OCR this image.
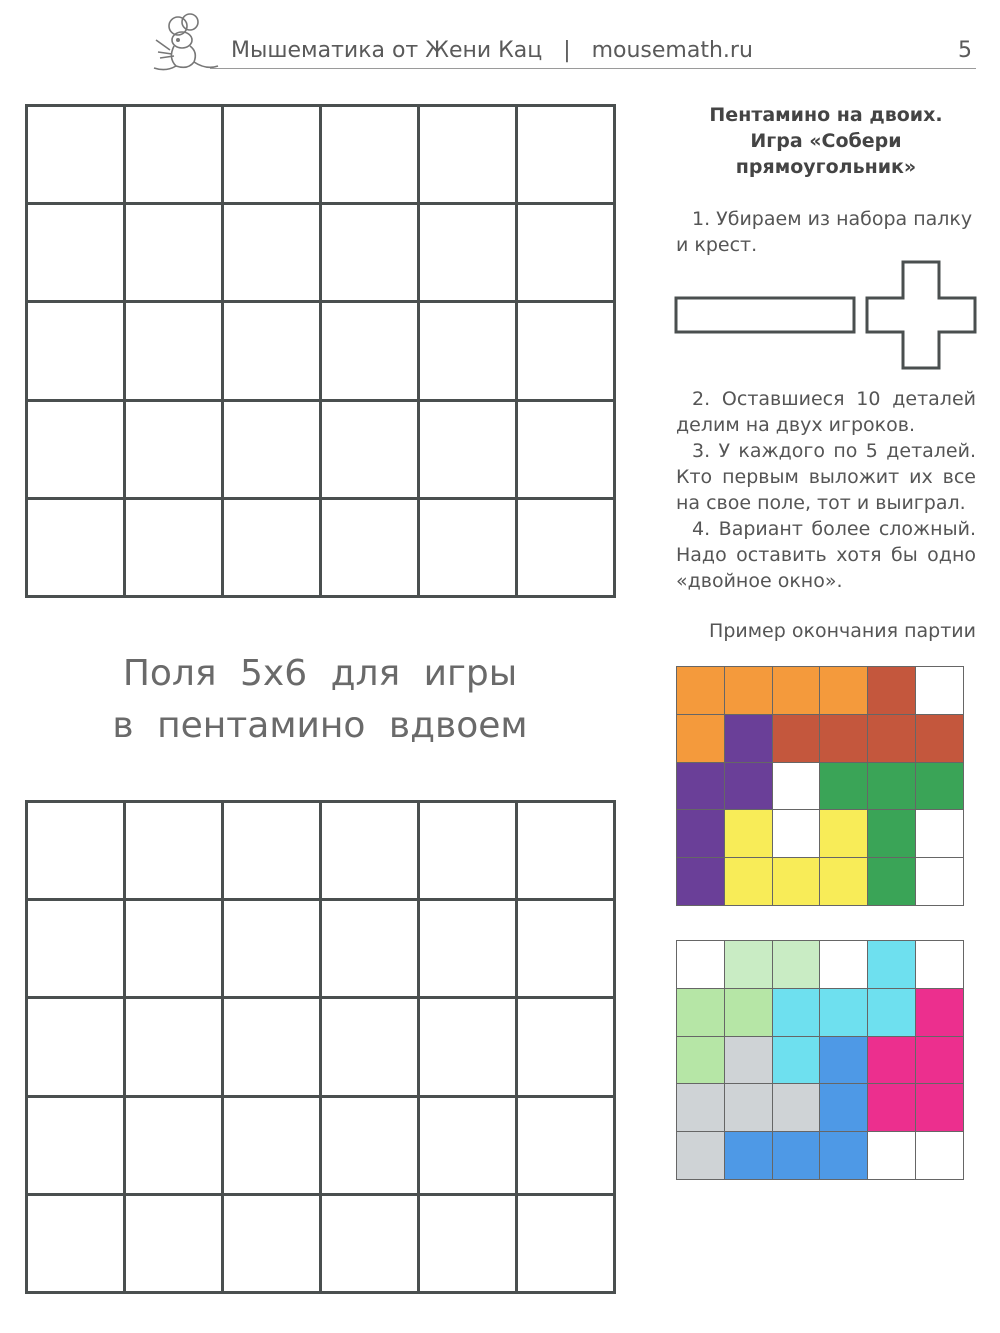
Мышематика от Жени Кац   |   mousemath.ru	5
Поля 5х6 для игры
в пентамино вдвоем
Пентамино на двоих.
Игра «Собери
прямоугольник»
1. Убираем из набора палку
и крест.
2. Оставшиеся 10 деталей делим на двух игроков.
3. У каждого по 5 деталей. Кто первым выложит их все на свое поле, тот и выиграл.
4. Вариант более сложный. Надо оставить хотя бы одно «двойное окно».
Пример окончания партии
